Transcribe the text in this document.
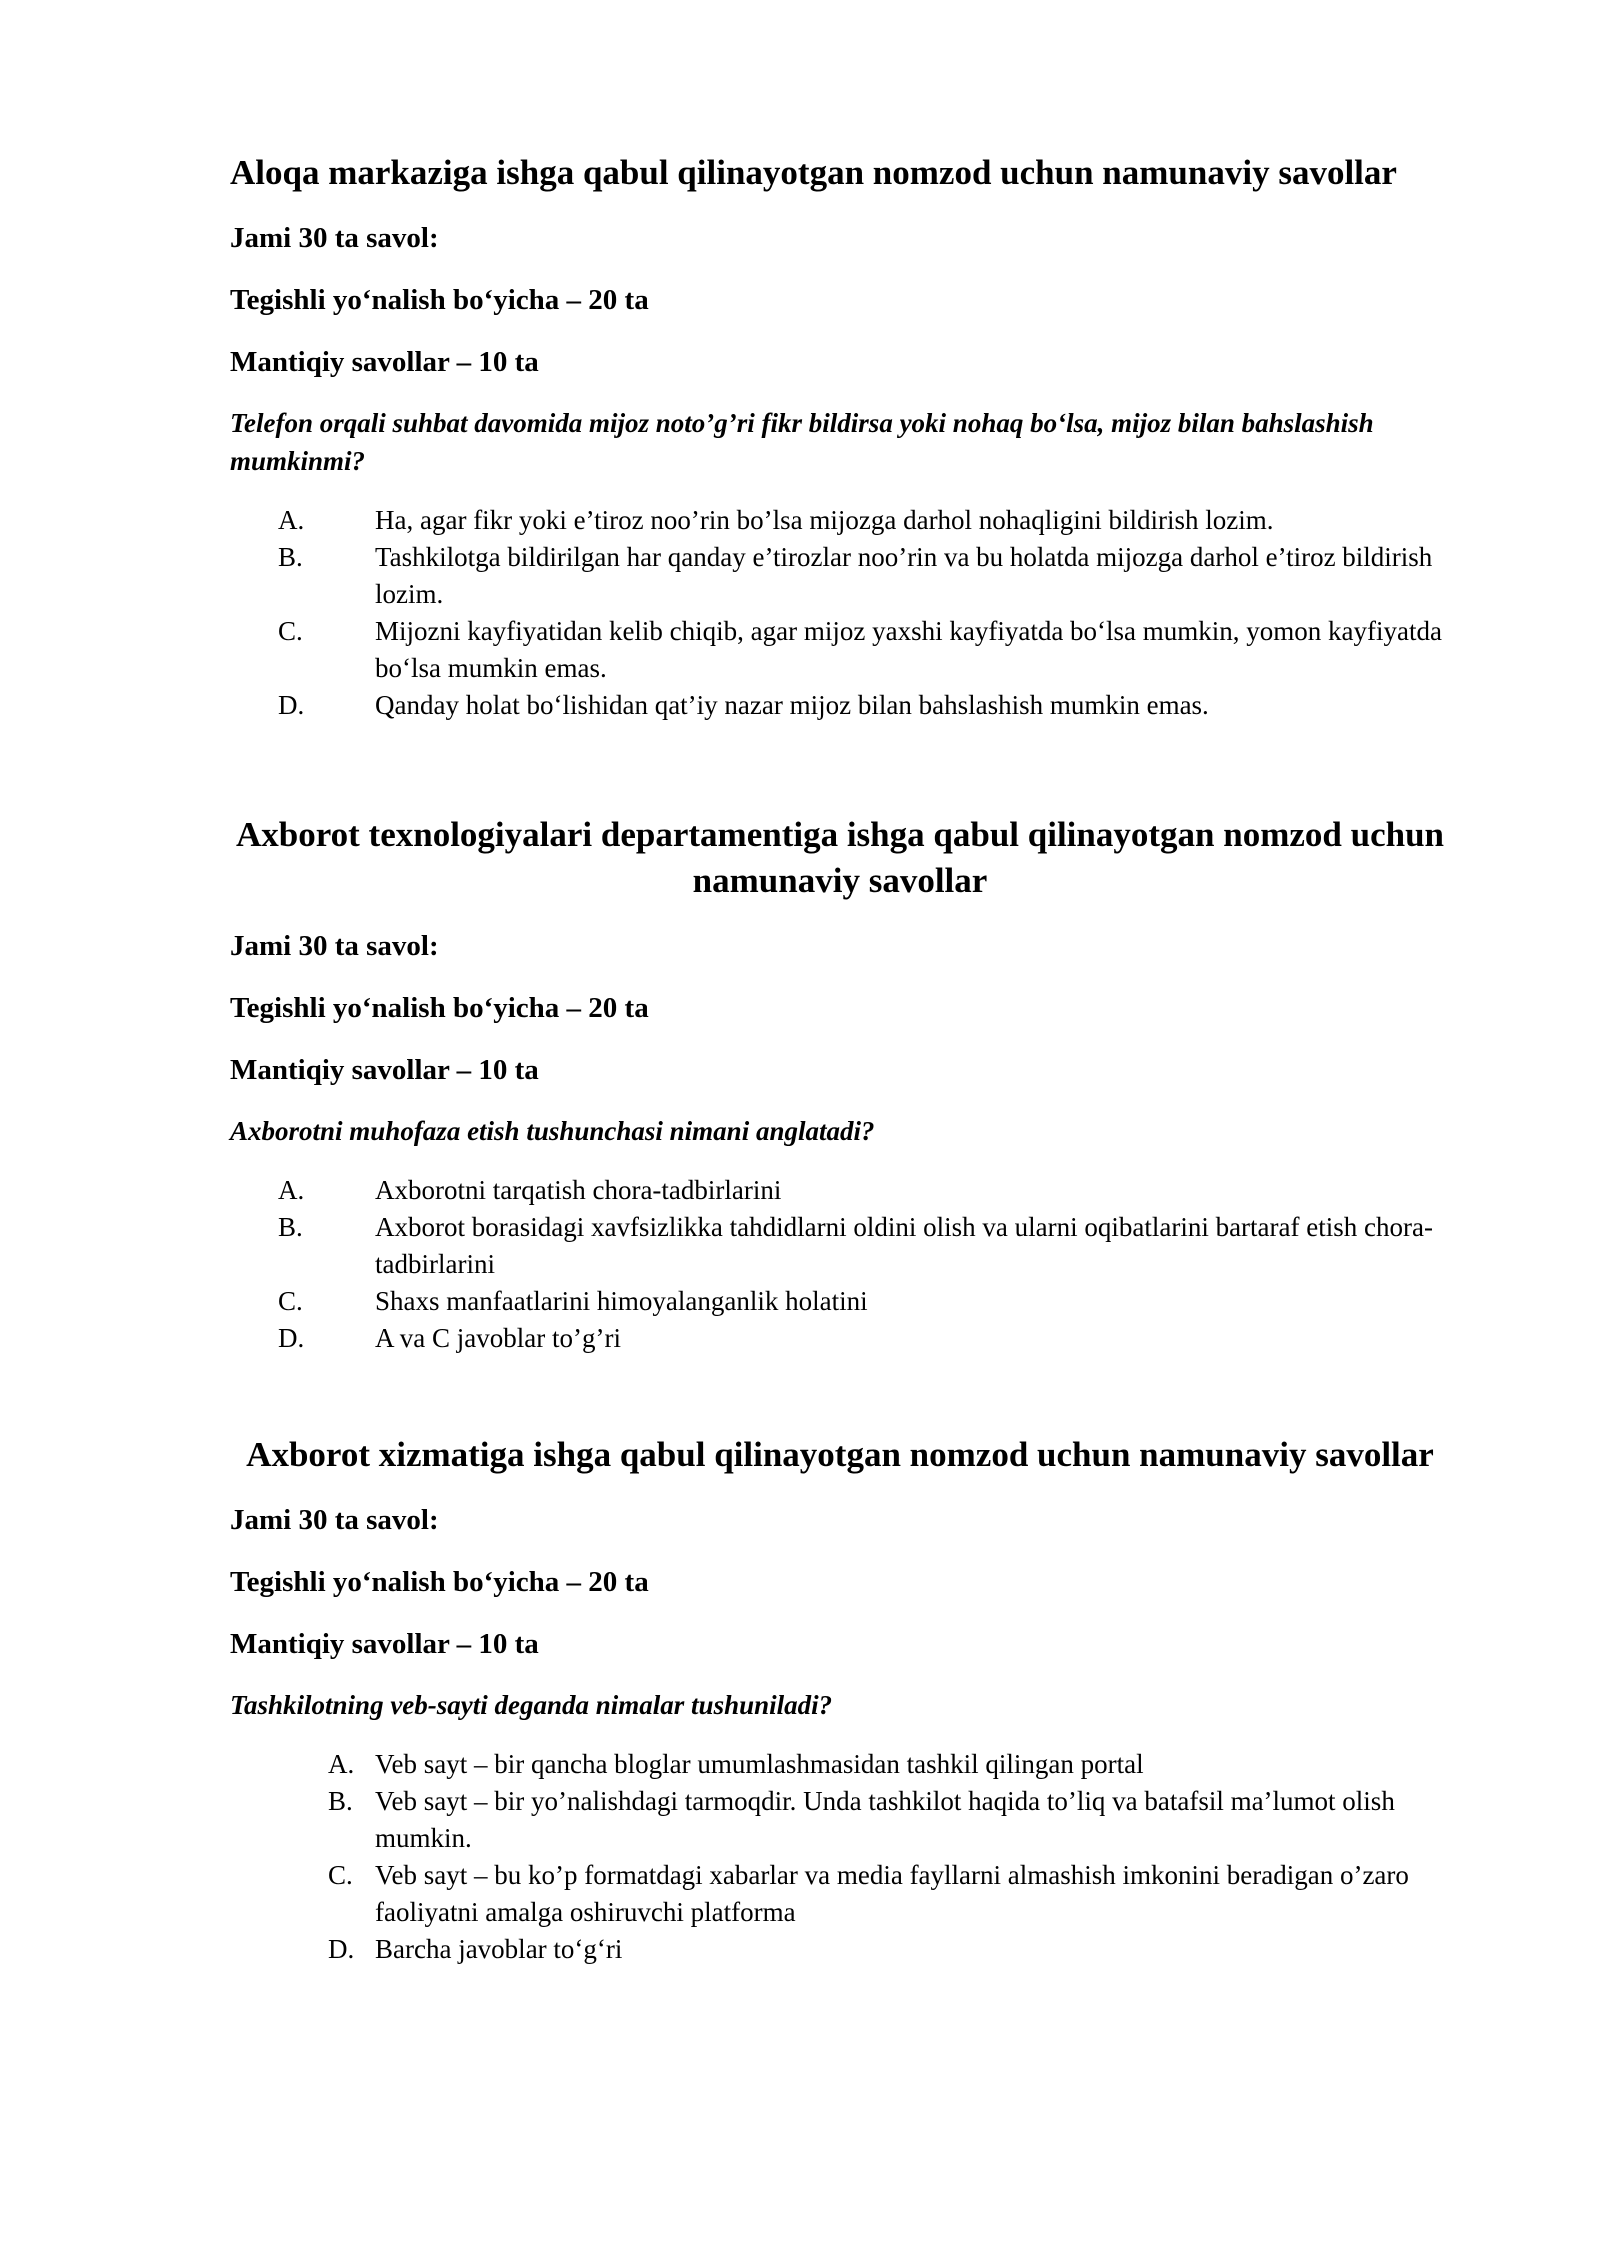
Aloqa markaziga ishga qabul qilinayotgan nomzod uchun namunaviy savollar
Jami 30 ta savol:
Tegishli yo‘nalish bo‘yicha – 20 ta
Mantiqiy savollar – 10 ta
Telefon orqali suhbat davomida mijoz noto’g’ri fikr bildirsa yoki nohaq bo‘lsa, mijoz bilan bahslashish mumkinmi?
A.	Ha, agar fikr yoki e’tiroz noo’rin bo’lsa mijozga darhol nohaqligini bildirish lozim.
B.	Tashkilotga bildirilgan har qanday e’tirozlar noo’rin va bu holatda mijozga darhol e’tiroz bildirish lozim.
C.	Mijozni kayfiyatidan kelib chiqib, agar mijoz yaxshi kayfiyatda bo‘lsa mumkin, yomon kayfiyatda bo‘lsa mumkin emas.
D.	Qanday holat bo‘lishidan qat’iy nazar mijoz bilan bahslashish mumkin emas.
Axborot texnologiyalari departamentiga ishga qabul qilinayotgan nomzod uchun namunaviy savollar
Jami 30 ta savol:
Tegishli yo‘nalish bo‘yicha – 20 ta
Mantiqiy savollar – 10 ta
Axborotni muhofaza etish tushunchasi nimani anglatadi?
A.	Axborotni tarqatish chora-tadbirlarini
B.	Axborot borasidagi xavfsizlikka tahdidlarni oldini olish va ularni oqibatlarini bartaraf etish chora-tadbirlarini
C.	Shaxs manfaatlarini himoyalanganlik holatini
D.	A va C javoblar to’g’ri
Axborot xizmatiga ishga qabul qilinayotgan nomzod uchun namunaviy savollar
Jami 30 ta savol:
Tegishli yo‘nalish bo‘yicha – 20 ta
Mantiqiy savollar – 10 ta
Tashkilotning veb-sayti deganda nimalar tushuniladi?
A. Veb sayt – bir qancha bloglar umumlashmasidan tashkil qilingan portal
B. Veb sayt – bir yo’nalishdagi tarmoqdir. Unda tashkilot haqida to’liq va batafsil ma’lumot olish mumkin.
C. Veb sayt – bu ko’p formatdagi xabarlar va media fayllarni almashish imkonini beradigan o’zaro faoliyatni amalga oshiruvchi platforma
D. Barcha javoblar to‘g‘ri
